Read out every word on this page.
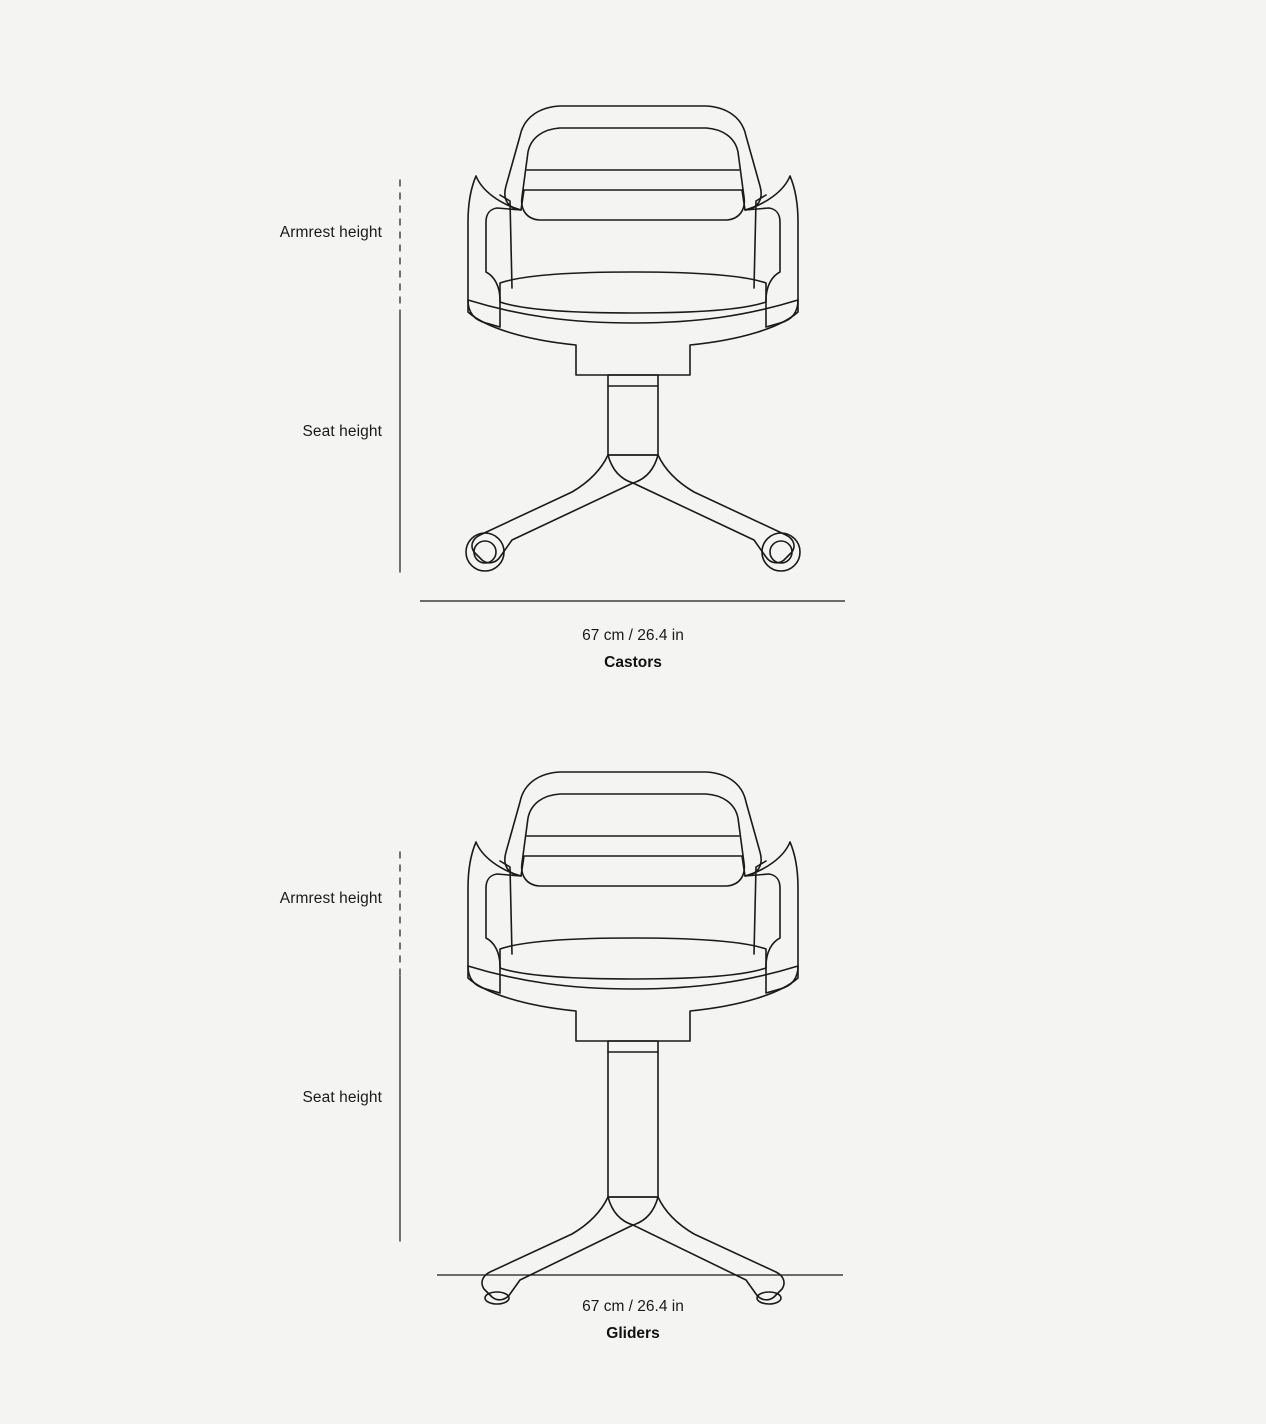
Armrest height
Seat height
67 cm / 26.4 in
Castors
Armrest height
Seat height
67 cm / 26.4 in
Gliders
